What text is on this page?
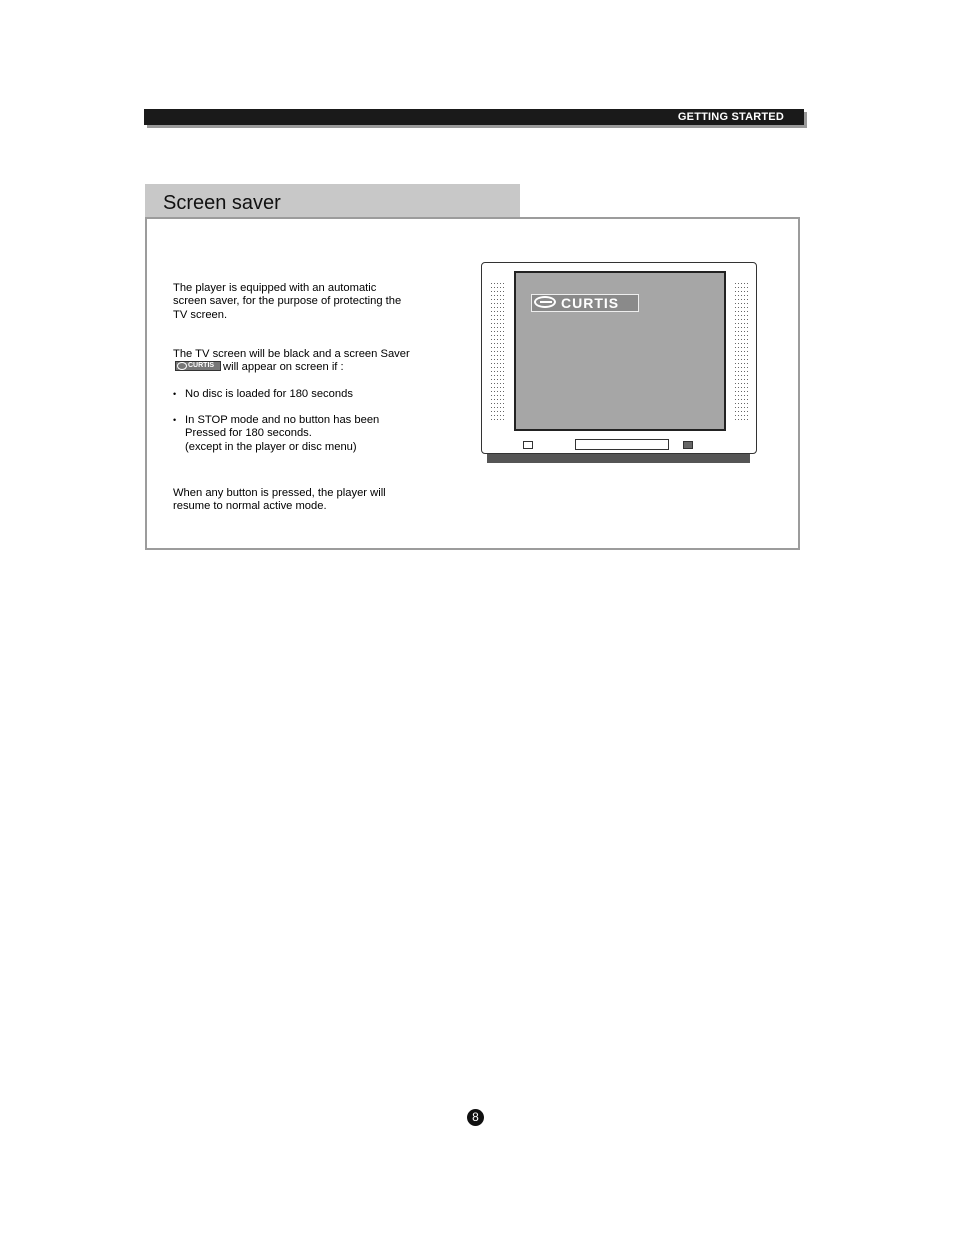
GETTING STARTED
Screen saver

The player is equipped with an automatic screen saver, for the purpose of protecting the TV screen.

The TV screen will be black and a screen Saver
CURTIS will appear on screen if :

• No disc is loaded for 180 seconds
• In STOP mode and no button has been
Pressed for 180 seconds.
(except in the player or disc menu)

When any button is pressed, the player will resume to normal active mode.

CURTIS
8
